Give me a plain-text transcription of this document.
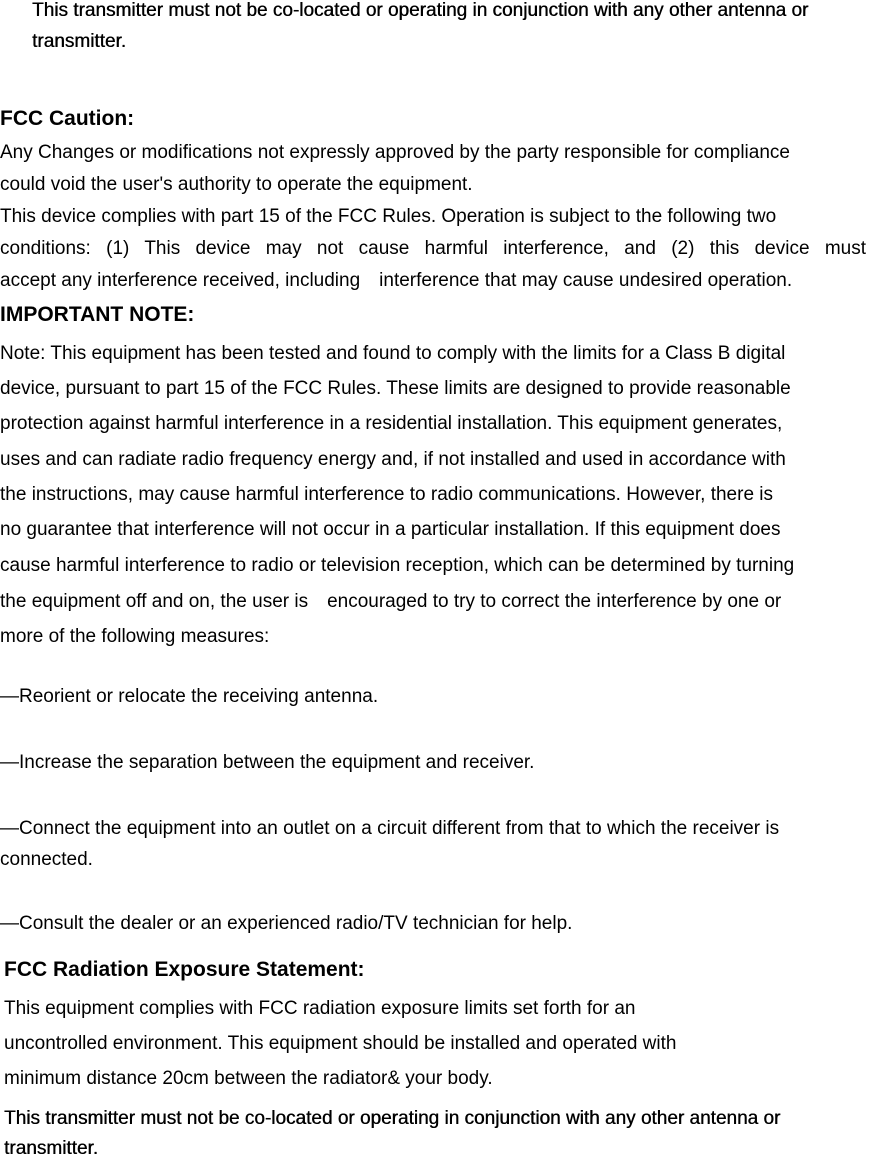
This transmitter must not be co-located or operating in conjunction with any other antenna or
transmitter.
FCC Caution:
Any Changes or modifications not expressly approved by the party responsible for compliance
could void the user's authority to operate the equipment.
This device complies with part 15 of the FCC Rules. Operation is subject to the following two
conditions: (1) This device may not cause harmful interference, and (2) this device must
accept any interference received, including　interference that may cause undesired operation.
IMPORTANT NOTE:
Note: This equipment has been tested and found to comply with the limits for a Class B digital
device, pursuant to part 15 of the FCC Rules. These limits are designed to provide reasonable
protection against harmful interference in a residential installation. This equipment generates,
uses and can radiate radio frequency energy and, if not installed and used in accordance with
the instructions, may cause harmful interference to radio communications. However, there is
no guarantee that interference will not occur in a particular installation. If this equipment does
cause harmful interference to radio or television reception, which can be determined by turning
the equipment off and on, the user is　encouraged to try to correct the interference by one or
more of the following measures:
—Reorient or relocate the receiving antenna.
—Increase the separation between the equipment and receiver.
—Connect the equipment into an outlet on a circuit different from that to which the receiver is
connected.
—Consult the dealer or an experienced radio/TV technician for help.
FCC Radiation Exposure Statement:
This equipment complies with FCC radiation exposure limits set forth for an
uncontrolled environment. This equipment should be installed and operated with
minimum distance 20cm between the radiator& your body.
This transmitter must not be co-located or operating in conjunction with any other antenna or
transmitter.
